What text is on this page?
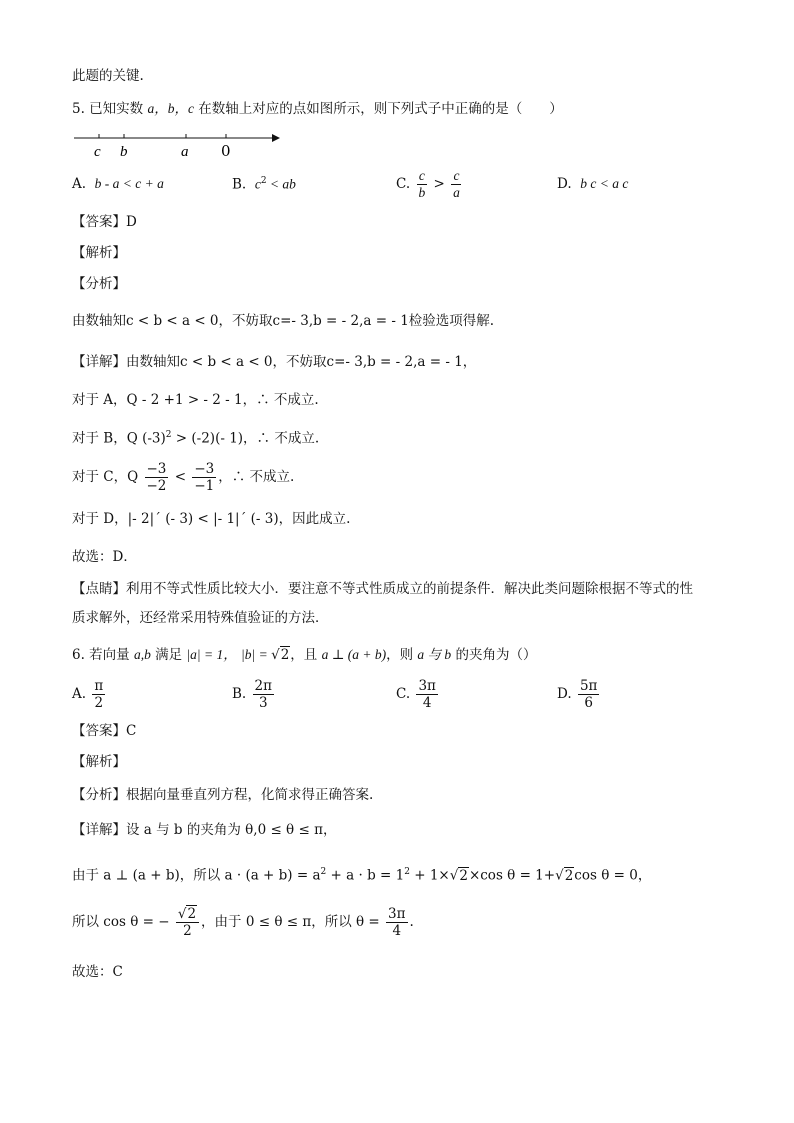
此题的关键.
5. 已知实数 a，b，c 在数轴上对应的点如图所示，则下列式子中正确的是（　　）
c b	a 0
A. b - a < c + a	B. $c^2$ < ab	C. $\frac{c}{b} > \frac{c}{a}$	D. b c < a c
【答案】D
【解析】
【分析】
由数轴知c < b < a < 0，不妨取c=- 3,b = - 2,a = - 1检验选项得解.
【详解】由数轴知c < b < a < 0，不妨取c=- 3,b = - 2,a = - 1，
对于 A，Q - 2 +1 > - 2 - 1，∴ 不成立.
对于 B，Q $(-3)^2 > (-2)(-$ 1)，∴ 不成立.
对于 C，Q $\frac{-3}{-2} < \frac{-3}{-1}$ ，∴ 不成立.
对于 D，|- 2|´ (- 3) < |- 1|´ (- 3)，因此成立.
故选：D．
【点睛】利用不等式性质比较大小．要注意不等式性质成立的前提条件．解决此类问题除根据不等式的性
质求解外，还经常采用特殊值验证的方法．
6. 若向量 a,b 满足 |a| = 1， |b| = √2，且 a ⊥ (a + b)，则 a 与 b 的夹角为（）
A. $\frac{\pi}{2}$	B. $\frac{2\pi}{3}$	C. $\frac{3\pi}{4}$	D. $\frac{5\pi}{6}$
【答案】C
【解析】
【分析】根据向量垂直列方程，化简求得正确答案.
【详解】设 a 与 b 的夹角为 θ,0 ≤ θ ≤ π，
由于 a ⊥ (a + b)，所以 $a \cdot (a + b) = a^2 + a \cdot b = 1^2 + 1\times√2\times\cos$ θ = 1+√2cos θ = 0，
所以 cos θ = − $\frac{√2}{2}$ ，由于 0 ≤ θ ≤ π，所以 $\theta = \frac{3\pi}{4}$ .
故选：C
